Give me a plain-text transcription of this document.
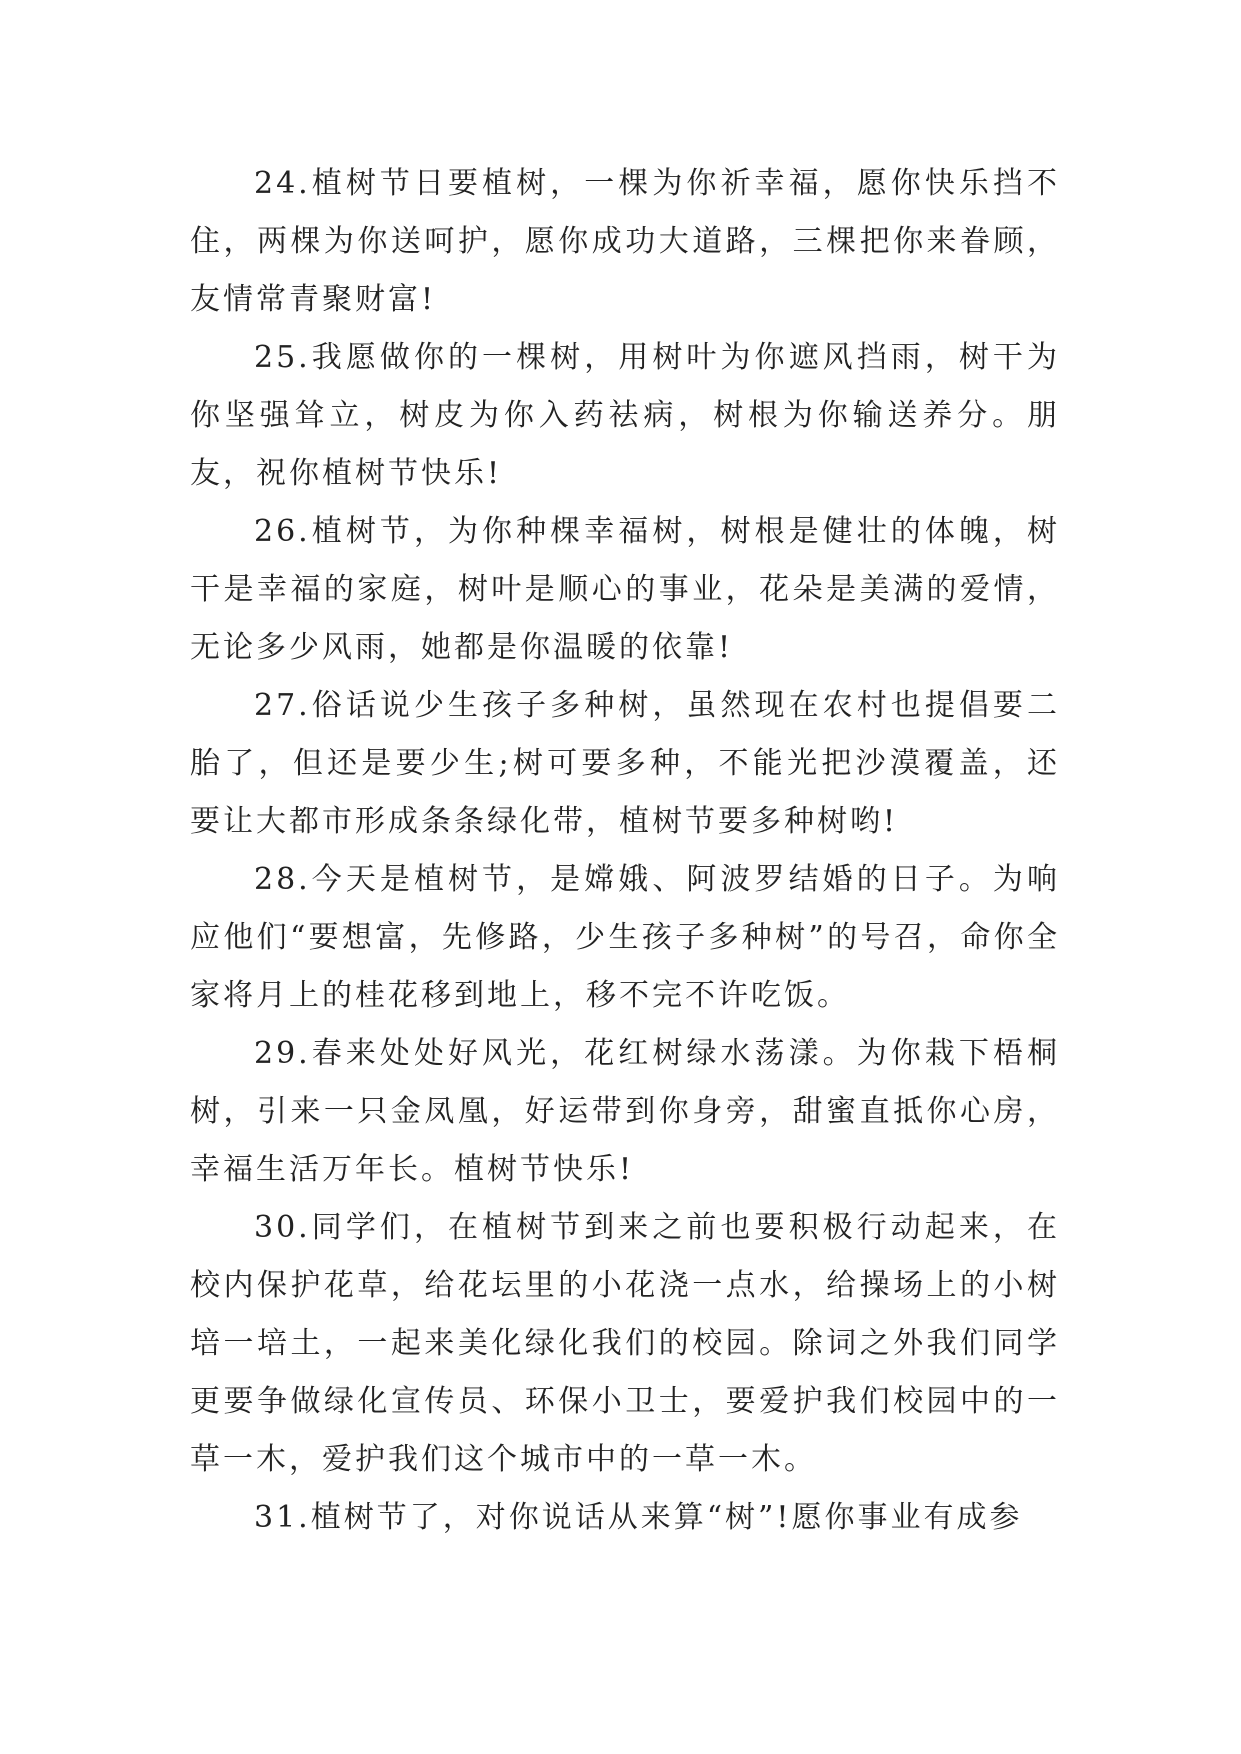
24.植树节日要植树，一棵为你祈幸福，愿你快乐挡不住，两棵为你送呵护，愿你成功大道路，三棵把你来眷顾，友情常青聚财富!

25.我愿做你的一棵树，用树叶为你遮风挡雨，树干为你坚强耸立，树皮为你入药祛病，树根为你输送养分。朋友，祝你植树节快乐!

26.植树节，为你种棵幸福树，树根是健壮的体魄，树干是幸福的家庭，树叶是顺心的事业，花朵是美满的爱情，无论多少风雨，她都是你温暖的依靠!

27.俗话说少生孩子多种树，虽然现在农村也提倡要二胎了，但还是要少生;树可要多种，不能光把沙漠覆盖，还要让大都市形成条条绿化带，植树节要多种树哟!

28.今天是植树节，是嫦娥、阿波罗结婚的日子。为响应他们“要想富，先修路，少生孩子多种树”的号召，命你全家将月上的桂花移到地上，移不完不许吃饭。

29.春来处处好风光，花红树绿水荡漾。为你栽下梧桐树，引来一只金凤凰，好运带到你身旁，甜蜜直抵你心房，幸福生活万年长。植树节快乐!

30.同学们，在植树节到来之前也要积极行动起来，在校内保护花草，给花坛里的小花浇一点水，给操场上的小树培一培土，一起来美化绿化我们的校园。除词之外我们同学更要争做绿化宣传员、环保小卫士，要爱护我们校园中的一草一木，爱护我们这个城市中的一草一木。

31.植树节了，对你说话从来算“树”!愿你事业有成参
